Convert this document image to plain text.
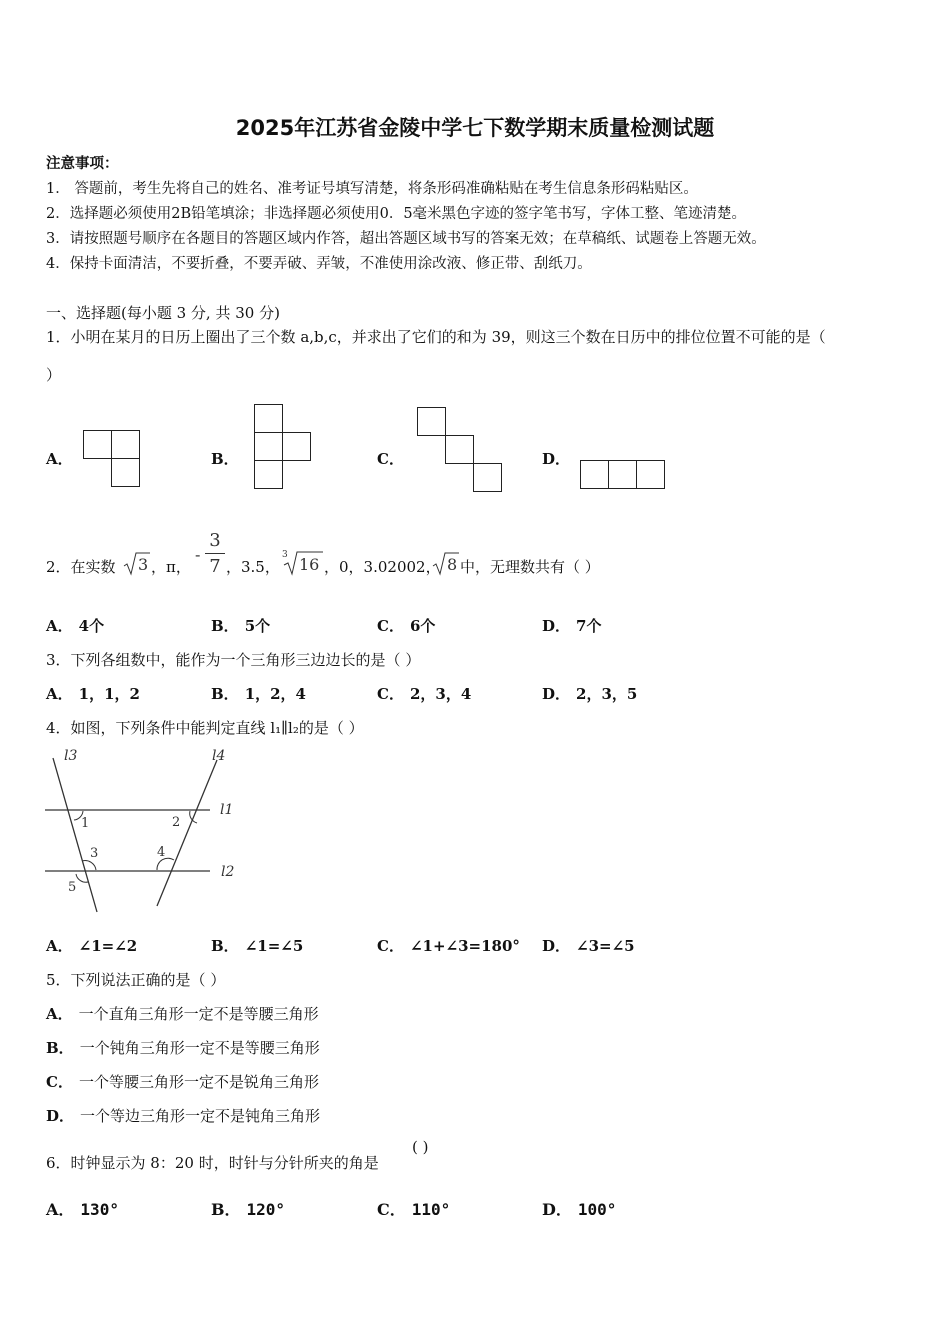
2025年江苏省金陵中学七下数学期末质量检测试题
注意事项：
1． 答题前，考生先将自己的姓名、准考证号填写清楚，将条形码准确粘贴在考生信息条形码粘贴区。
2．选择题必须使用2B铅笔填涂；非选择题必须使用0．5毫米黑色字迹的签字笔书写，字体工整、笔迹清楚。
3．请按照题号顺序在各题目的答题区域内作答，超出答题区域书写的答案无效；在草稿纸、试题卷上答题无效。
4．保持卡面清洁，不要折叠，不要弄破、弄皱，不准使用涂改液、修正带、刮纸刀。
一、选择题(每小题 3 分, 共 30 分)
1．小明在某月的日历上圈出了三个数 a,b,c，并求出了它们的和为 39，则这三个数在日历中的排位位置不可能的是（
）
A．	B．	C．	D．
2．在实数 3 ，π，
-
3
7 ，3.5，
3 16 ，0，3.02002， 8 中，无理数共有（ ）
A． 4个	B． 5个	C． 6个	D． 7个
3．下列各组数中，能作为一个三角形三边边长的是（ ）
A． 1，1，2	B． 1，2，4	C． 2，3，4	D． 2，3，5
4．如图，下列条件中能判定直线 l₁∥l₂的是（ ）
l3	l4
l1
l2
1	2
3	4
5
A． ∠1=∠2	B． ∠1=∠5	C． ∠1+∠3=180° D． ∠3=∠5
5．下列说法正确的是（ ）
A． 一个直角三角形一定不是等腰三角形
B． 一个钝角三角形一定不是等腰三角形
C． 一个等腰三角形一定不是锐角三角形
D． 一个等边三角形一定不是钝角三角形
6．时钟显示为 8：20 时，时针与分针所夹的角是
( )
A． 130°	B． 120°	C． 110°	D． 100°
